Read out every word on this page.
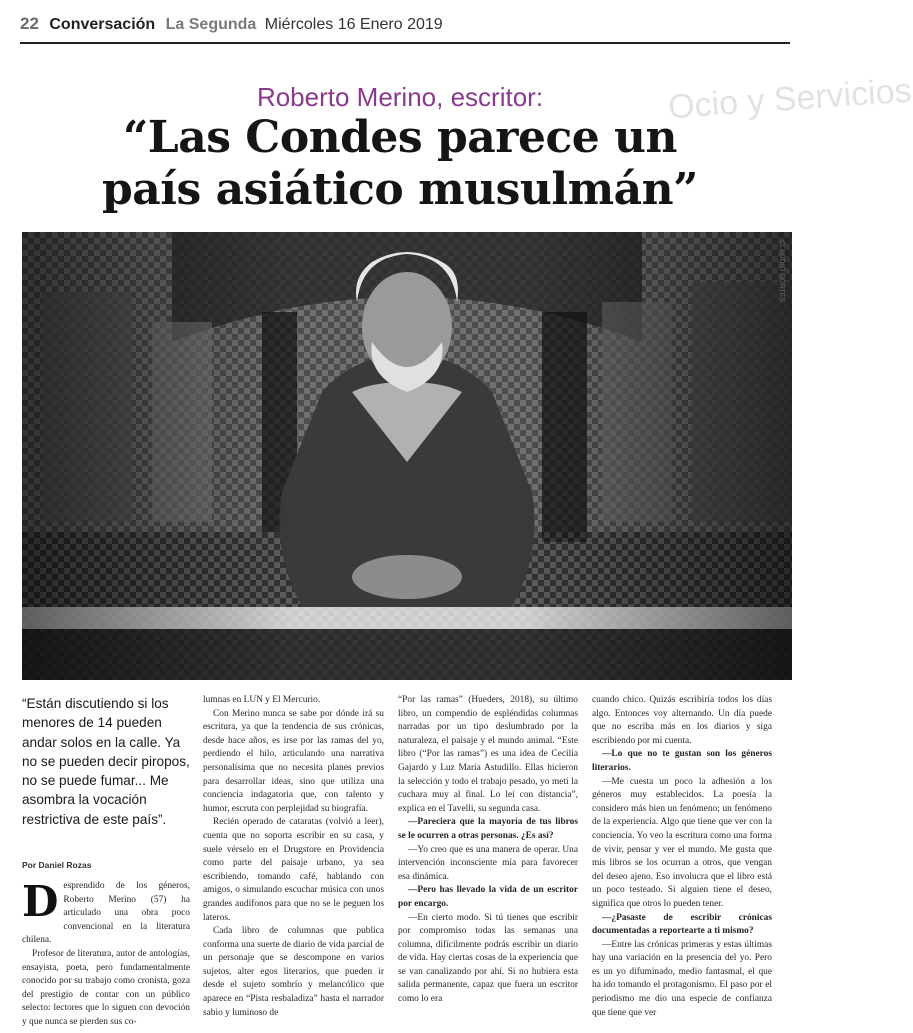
22 Conversación La Segunda Miércoles 16 Enero 2019
Ocio y Servicios
Roberto Merino, escritor:
“Las Condes parece un
país asiático musulmán”
CLAUDIO CORTÉS
“Están discutiendo si los menores de 14 pueden andar solos en la calle. Ya no se pueden decir piropos, no se puede fumar... Me asombra la vocación restrictiva de este país”.
Por Daniel Rozas
D esprendido de los géneros, Roberto Merino (57) ha articulado una obra poco convencional en la literatura chilena.

Profesor de literatura, autor de antologías, ensayista, poeta, pero fundamentalmente conocido por su trabajo como cronista, goza del prestigio de contar con un público selecto: lectores que lo siguen con devoción y que nunca se pierden sus co-

lumnas en LUN y El Mercurio.

Con Merino nunca se sabe por dónde irá su escritura, ya que la tendencia de sus crónicas, desde hace años, es irse por las ramas del yo, perdiendo el hilo, articulando una narrativa personalísima que no necesita planes previos para desarrollar ideas, sino que utiliza una conciencia indagatoria que, con talento y humor, escruta con perplejidad su biografía.

Recién operado de cataratas (volvió a leer), cuenta que no soporta escribir en su casa, y suele vérselo en el Drugstore en Providencia como parte del paisaje urbano, ya sea escribiendo, tomando café, hablando con amigos, o simulando escuchar música con unos grandes audífonos para que no se le peguen los lateros.

Cada libro de columnas que publica conforma una suerte de diario de vida parcial de un personaje que se descompone en varios sujetos, alter egos literarios, que pueden ir desde el sujeto sombrío y melancólico que aparece en “Pista resbaladiza” hasta el narrador sabio y luminoso de

“Por las ramas” (Hueders, 2018), su último libro, un compendio de espléndidas columnas narradas por un tipo deslumbrado por la naturaleza, el paisaje y el mundo animal. “Este libro (“Por las ramas”) es una idea de Cecilia Gajardo y Luz María Astudillo. Ellas hicieron la selección y todo el trabajo pesado, yo metí la cuchara muy al final. Lo leí con distancia”, explica en el Tavelli, su segunda casa.

—Pareciera que la mayoría de tus libros se le ocurren a otras personas. ¿Es así?

—Yo creo que es una manera de operar. Una intervención inconsciente mía para favorecer esa dinámica.

—Pero has llevado la vida de un escritor por encargo.

—En cierto modo. Si tú tienes que escribir por compromiso todas las semanas una columna, difícilmente podrás escribir un diario de vida. Hay ciertas cosas de la experiencia que se van canalizando por ahí. Si no hubiera esta salida permanente, capaz que fuera un escritor como lo era

cuando chico. Quizás escribiría todos los días algo. Entonces voy alternando. Un día puede que no escriba más en los diarios y siga escribiendo por mi cuenta.

—Lo que no te gustan son los géneros literarios.

—Me cuesta un poco la adhesión a los géneros muy establecidos. La poesía la considero más bien un fenómeno; un fenómeno de la experiencia. Algo que tiene que ver con la conciencia. Yo veo la escritura como una forma de vivir, pensar y ver el mundo. Me gusta que mis libros se los ocurran a otros, que vengan del deseo ajeno. Eso involucra que el libro está un poco testeado. Si alguien tiene el deseo, significa que otros lo pueden tener.

—¿Pasaste de escribir crónicas documentadas a reportearte a ti mismo?

—Entre las crónicas primeras y estas últimas hay una variación en la presencia del yo. Pero es un yo difuminado, medio fantasmal, el que ha ido tomando el protagonismo. El paso por el periodismo me dio una especie de confianza que tiene que ver
